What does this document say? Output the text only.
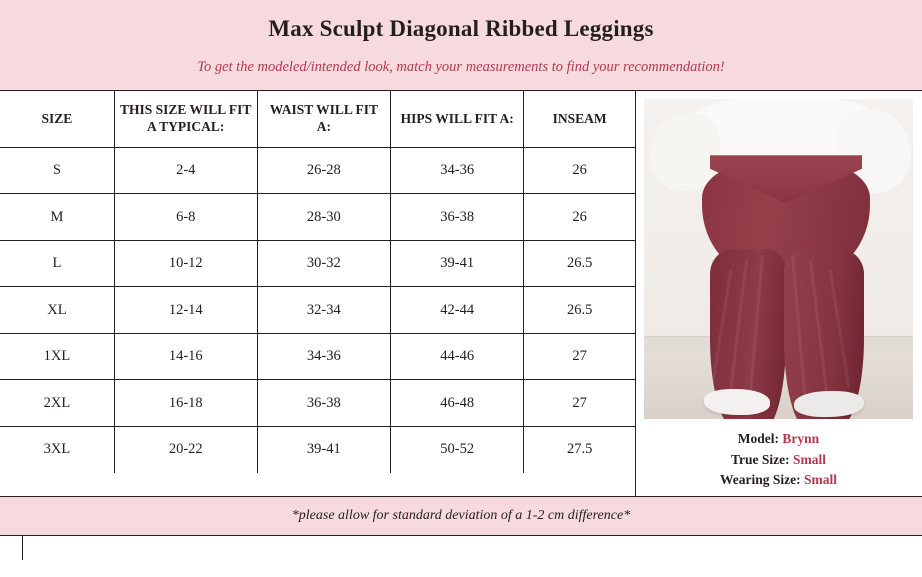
Max Sculpt Diagonal Ribbed Leggings
To get the modeled/intended look, match your measurements to find your recommendation!
SIZE	THIS SIZE WILL FIT A TYPICAL:	WAIST WILL FIT A:	HIPS WILL FIT A:	INSEAM
S	2-4	26-28	34-36	26
M	6-8	28-30	36-38	26
L	10-12	30-32	39-41	26.5
XL	12-14	32-34	42-44	26.5
1XL	14-16	34-36	44-46	27
2XL	16-18	36-38	46-48	27
3XL	20-22	39-41	50-52	27.5
Model: Brynn
True Size: Small
Wearing Size: Small
*please allow for standard deviation of a 1-2 cm difference*
